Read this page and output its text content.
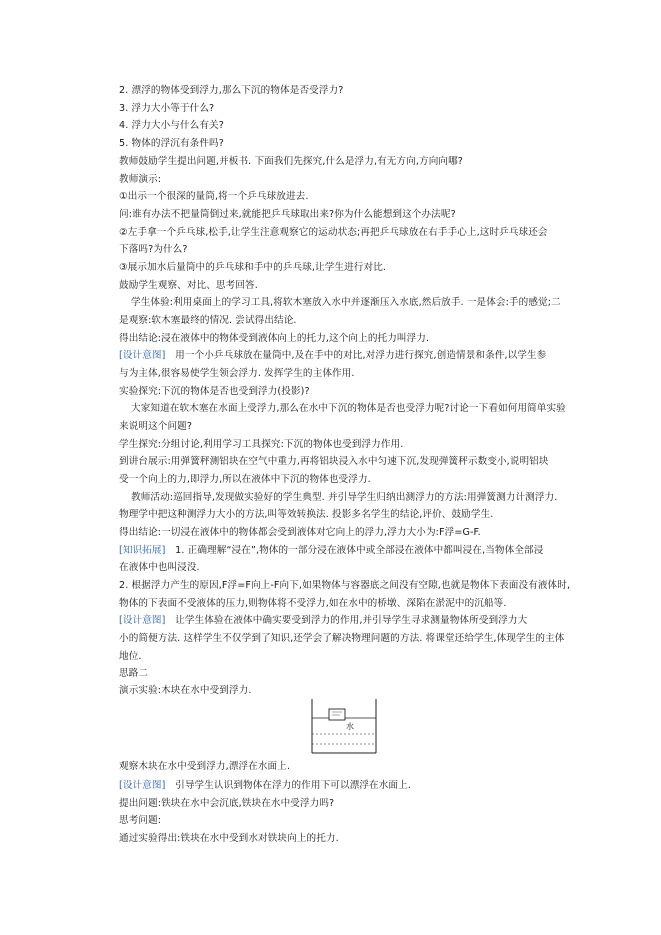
2. 漂浮的物体受到浮力,那么下沉的物体是否受浮力?
3. 浮力大小等于什么?
4. 浮力大小与什么有关?
5. 物体的浮沉有条件吗?
教师鼓励学生提出问题,并板书. 下面我们先探究,什么是浮力,有无方向,方向向哪?
教师演示:
①出示一个很深的量筒,将一个乒乓球放进去.
问:谁有办法不把量筒倒过来,就能把乒乓球取出来?你为什么能想到这个办法呢?
②左手拿一个乒乓球,松手,让学生注意观察它的运动状态;再把乒乓球放在右手手心上,这时乒乓球还会
下落吗?为什么?
③展示加水后量筒中的乒乓球和手中的乒乓球,让学生进行对比.
鼓励学生观察、对比、思考回答.
学生体验:利用桌面上的学习工具,将软木塞放入水中并逐渐压入水底,然后放手. 一是体会:手的感觉;二
是观察:软木塞最终的情况. 尝试得出结论.
得出结论:浸在液体中的物体受到液体向上的托力,这个向上的托力叫浮力.
[设计意图]　用一个小乒乓球放在量筒中,及在手中的对比,对浮力进行探究,创造情景和条件,以学生参
与为主体,很容易使学生领会浮力. 发挥学生的主体作用.
实验探究:下沉的物体是否也受到浮力(投影)?
大家知道在软木塞在水面上受浮力,那么在水中下沉的物体是否也受浮力呢?讨论一下看如何用简单实验
来说明这个问题?
学生探究:分组讨论,利用学习工具探究:下沉的物体也受到浮力作用.
到讲台展示:用弹簧秤测铝块在空气中重力,再将铝块浸入水中匀速下沉,发现弹簧秤示数变小,说明铝块
受一个向上的力,即浮力,所以在液体中下沉的物体也受浮力.
教师活动:巡回指导,发现做实验好的学生典型. 并引导学生归纳出测浮力的方法:用弹簧测力计测浮力.
物理学中把这种测浮力大小的方法,叫等效转换法. 投影多名学生的结论,评价、鼓励学生.
得出结论:一切浸在液体中的物体都会受到液体对它向上的浮力,浮力大小为:F浮=G-F.
[知识拓展]　1. 正确理解“浸在”,物体的一部分浸在液体中或全部浸在液体中都叫浸在,当物体全部浸
在液体中也叫浸没.
2. 根据浮力产生的原因,F浮=F向上-F向下,如果物体与容器底之间没有空隙,也就是物体下表面没有液体时,
物体的下表面不受液体的压力,则物体将不受浮力,如在水中的桥墩、深陷在淤泥中的沉船等.
[设计意图]　让学生体验在液体中确实要受到浮力的作用,并引导学生寻求测量物体所受到浮力大
小的简便方法. 这样学生不仅学到了知识,还学会了解决物理问题的方法. 将课堂还给学生,体现学生的主体
地位.
思路二
演示实验:木块在水中受到浮力.
水
观察木块在水中受到浮力,漂浮在水面上.
[设计意图]　引导学生认识到物体在浮力的作用下可以漂浮在水面上.
提出问题:铁块在水中会沉底,铁块在水中受浮力吗?
思考问题:
通过实验得出:铁块在水中受到水对铁块向上的托力.
